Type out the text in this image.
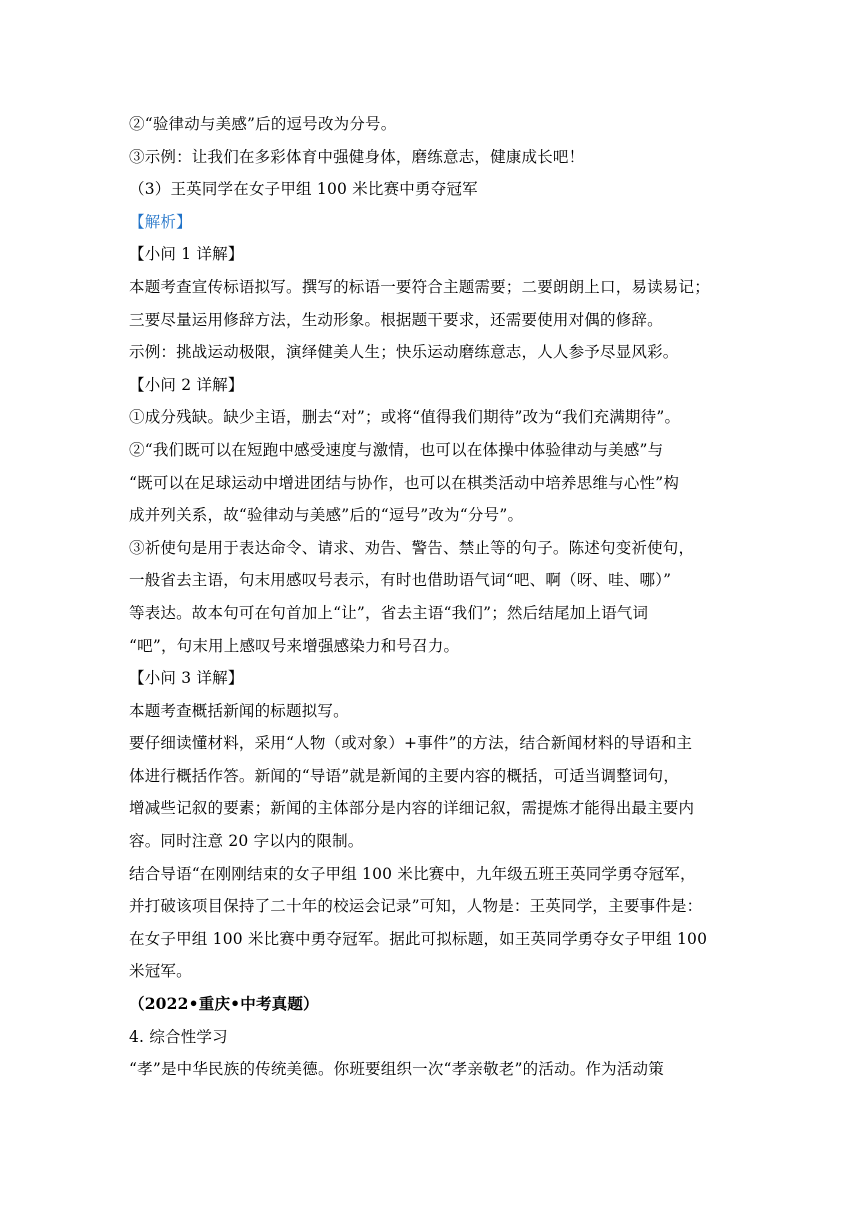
②“验律动与美感”后的逗号改为分号。
③示例：让我们在多彩体育中强健身体，磨练意志，健康成长吧！
（3）王英同学在女子甲组 100 米比赛中勇夺冠军
【解析】
【小问 1 详解】
本题考查宣传标语拟写。撰写的标语一要符合主题需要；二要朗朗上口，易读易记；
三要尽量运用修辞方法，生动形象。根据题干要求，还需要使用对偶的修辞。
示例：挑战运动极限，演绎健美人生；快乐运动磨练意志，人人参予尽显风彩。
【小问 2 详解】
①成分残缺。缺少主语，删去“对”；或将“值得我们期待”改为“我们充满期待”。
②“我们既可以在短跑中感受速度与激情，也可以在体操中体验律动与美感”与
“既可以在足球运动中增进团结与协作，也可以在棋类活动中培养思维与心性”构
成并列关系，故“验律动与美感”后的“逗号”改为“分号”。
③祈使句是用于表达命令、请求、劝告、警告、禁止等的句子。陈述句变祈使句，
一般省去主语，句末用感叹号表示，有时也借助语气词“吧、啊（呀、哇、哪）”
等表达。故本句可在句首加上“让”，省去主语“我们”；然后结尾加上语气词
“吧”，句末用上感叹号来增强感染力和号召力。
【小问 3 详解】
本题考查概括新闻的标题拟写。
要仔细读懂材料，采用“人物（或对象）+事件”的方法，结合新闻材料的导语和主
体进行概括作答。新闻的“导语”就是新闻的主要内容的概括，可适当调整词句，
增减些记叙的要素；新闻的主体部分是内容的详细记叙，需提炼才能得出最主要内
容。同时注意 20 字以内的限制。
结合导语“在刚刚结束的女子甲组 100 米比赛中，九年级五班王英同学勇夺冠军，
并打破该项目保持了二十年的校运会记录”可知，人物是：王英同学，主要事件是：
在女子甲组 100 米比赛中勇夺冠军。据此可拟标题，如王英同学勇夺女子甲组 100
米冠军。
（2022•重庆•中考真题）
4. 综合性学习
“孝”是中华民族的传统美德。你班要组织一次“孝亲敬老”的活动。作为活动策
